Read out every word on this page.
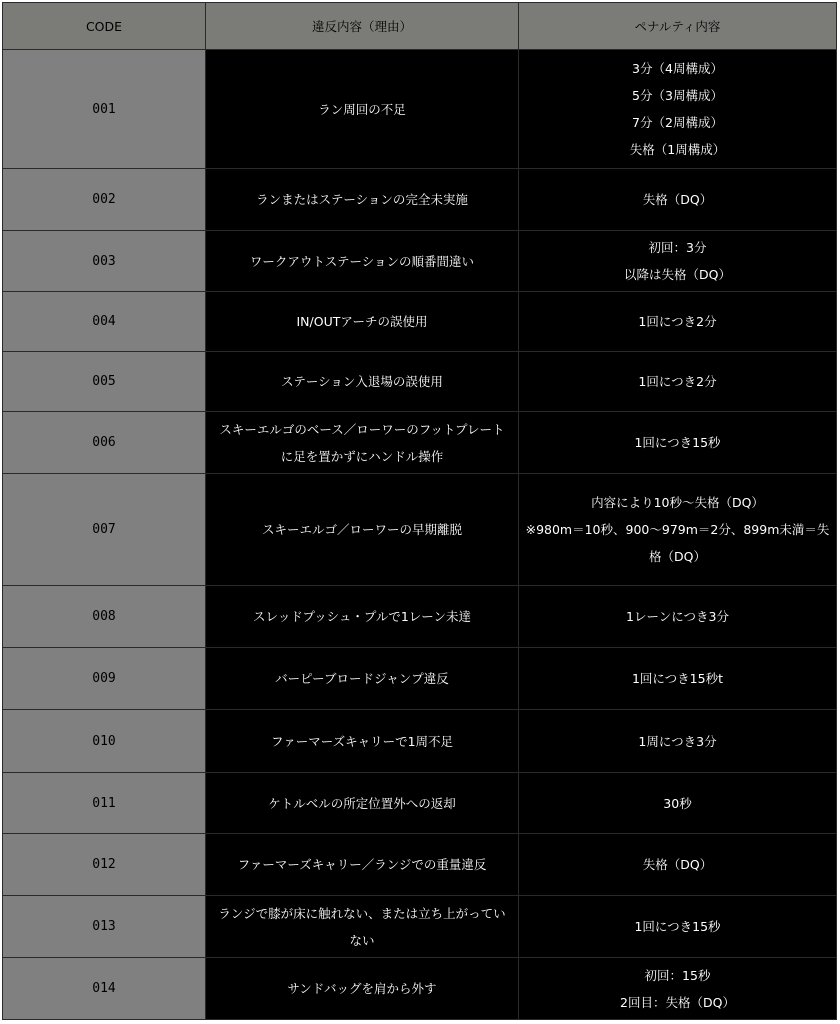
CODE	違反内容（理由）	ペナルティ内容
001	ラン周回の不足	3分（4周構成）
5分（3周構成）
7分（2周構成）
失格（1周構成）

002	ランまたはステーションの完全未実施	失格（DQ）

003	ワークアウトステーションの順番間違い	初回：3分
以降は失格（DQ）

004	IN/OUTアーチの誤使用	1回につき2分

005	ステーション入退場の誤使用	1回につき2分

006	スキーエルゴのベース／ローワーのフットプレート
に足を置かずにハンドル操作	1回につき15秒

007	スキーエルゴ／ローワーの早期離脱	内容により10秒〜失格（DQ）
※980m＝10秒、900〜979m＝2分、899m未満＝失
格（DQ）

008	スレッドプッシュ・プルで1レーン未達	1レーンにつき3分

009	バーピーブロードジャンプ違反	1回につき15秒t

010	ファーマーズキャリーで1周不足	1周につき3分

011	ケトルベルの所定位置外への返却	30秒

012	ファーマーズキャリー／ランジでの重量違反	失格（DQ）

013	ランジで膝が床に触れない、または立ち上がってい
ない	1回につき15秒

014	サンドバッグを肩から外す	初回：15秒
2回目：失格（DQ）
